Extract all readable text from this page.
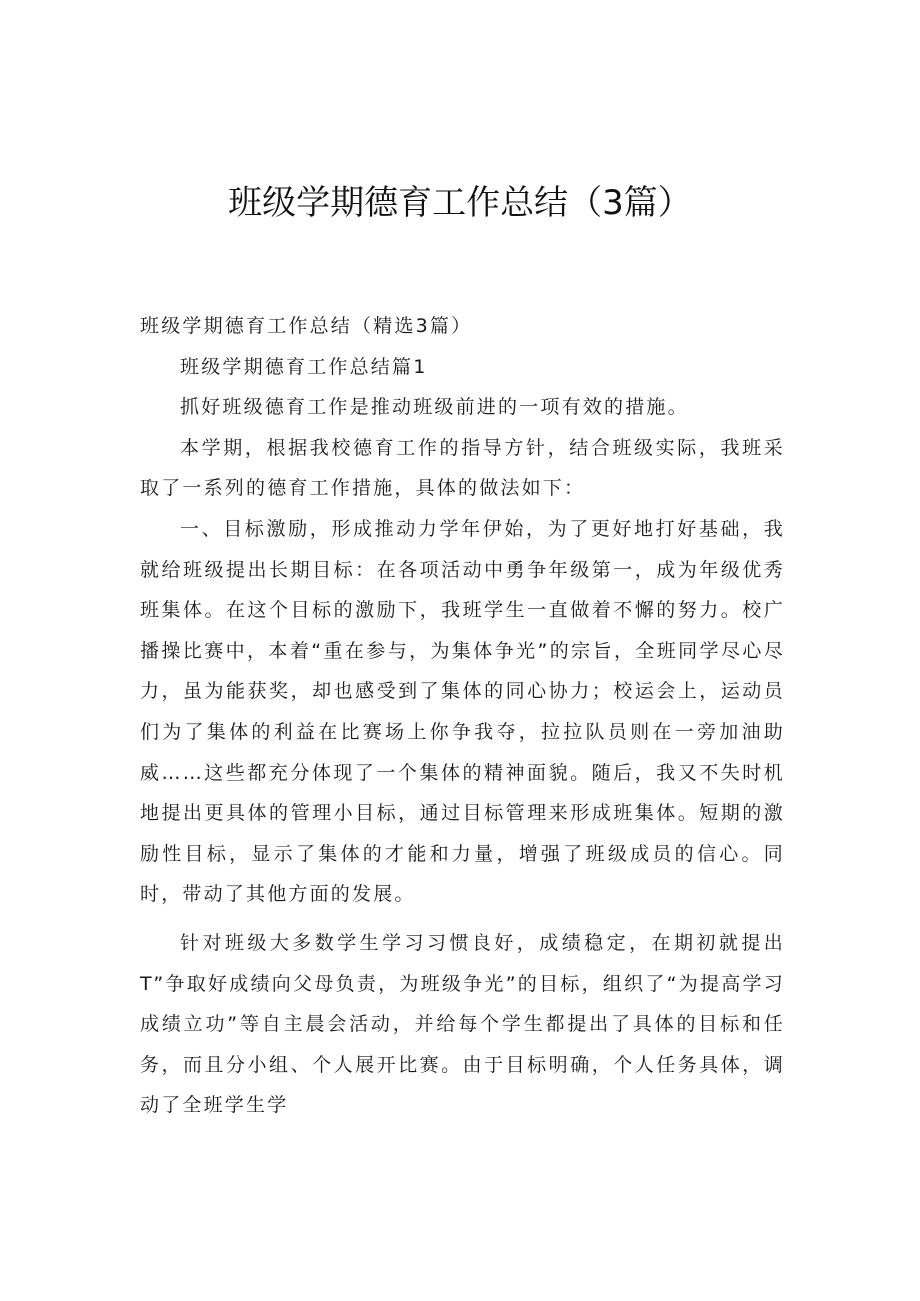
班级学期德育工作总结（3篇）

班级学期德育工作总结（精选3篇）

班级学期德育工作总结篇1

抓好班级德育工作是推动班级前进的一项有效的措施。

本学期，根据我校德育工作的指导方针，结合班级实际，我班采取了一系列的德育工作措施，具体的做法如下：

一、目标激励，形成推动力学年伊始，为了更好地打好基础，我就给班级提出长期目标：在各项活动中勇争年级第一，成为年级优秀班集体。在这个目标的激励下，我班学生一直做着不懈的努力。校广播操比赛中，本着“重在参与，为集体争光”的宗旨，全班同学尽心尽力，虽为能获奖，却也感受到了集体的同心协力；校运会上，运动员们为了集体的利益在比赛场上你争我夺，拉拉队员则在一旁加油助威……这些都充分体现了一个集体的精神面貌。随后，我又不失时机地提出更具体的管理小目标，通过目标管理来形成班集体。短期的激励性目标，显示了集体的才能和力量，增强了班级成员的信心。同时，带动了其他方面的发展。

针对班级大多数学生学习习惯良好，成绩稳定，在期初就提出T”争取好成绩向父母负责，为班级争光”的目标，组织了“为提高学习成绩立功”等自主晨会活动，并给每个学生都提出了具体的目标和任务，而且分小组、个人展开比赛。由于目标明确，个人任务具体，调动了全班学生学
